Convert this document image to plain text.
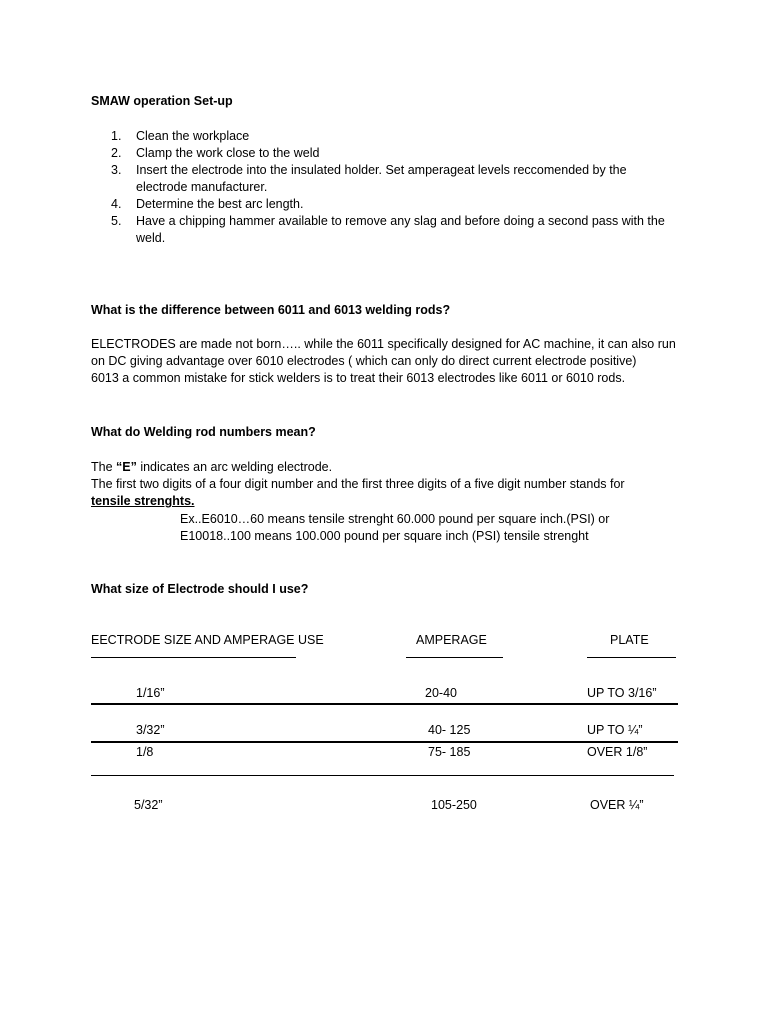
SMAW operation Set-up
1.	Clean the workplace
2.	Clamp the work close to the weld
3.	Insert the electrode into the insulated holder. Set amperageat levels reccomended by the
electrode manufacturer.
4.	Determine the best arc length.
5.	Have a chipping hammer available to remove any slag and before doing a second pass with the
weld.
What is the difference between 6011 and 6013 welding rods?
ELECTRODES are made not born….. while the 6011 specifically designed for AC machine, it can also run
on DC giving advantage over 6010 electrodes ( which can only do direct current electrode positive)
6013 a common mistake for stick welders is to treat their 6013 electrodes like 6011 or 6010 rods.
What do Welding rod numbers mean?
The “E” indicates an arc welding electrode.
The first two digits of a four digit number and the first three digits of a five digit number stands for
tensile strenghts.
Ex..E6010…60 means tensile strenght 60.000 pound per square inch.(PSI) or
E10018..100 means 100.000 pound per square inch (PSI) tensile strenght
What size of Electrode should I use?
EECTRODE SIZE AND AMPERAGE USE	AMPERAGE	PLATE
1/16”	20-40	UP TO 3/16”
3/32”	40- 125	UP TO ¼”
1/8	75- 185	OVER 1/8”
5/32”	105-250	OVER ¼”
